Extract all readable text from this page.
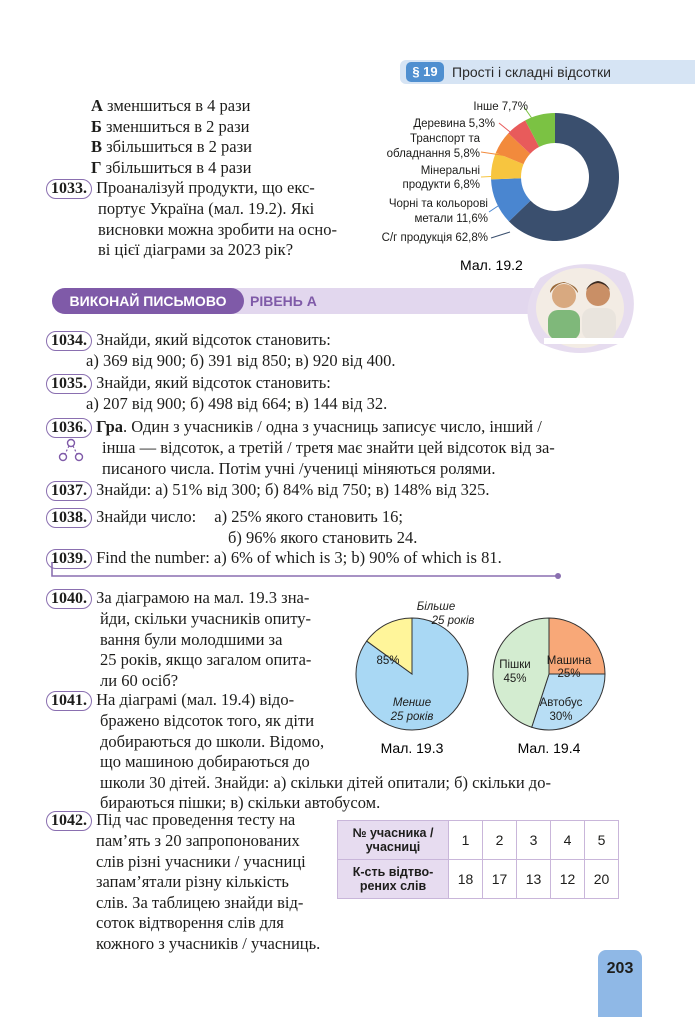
§ 19	Прості і складні відсотки
А зменшиться в 4 рази
Б зменшиться в 2 рази
В збільшиться в 2 рази
Г збільшиться в 4 рази
1033. Проаналізуй продукти, що екс-
портує Україна (мал. 19.2). Які
висновки можна зробити на осно-
ві цієї діаграми за 2023 рік?
Інше 7,7%
Деревина 5,3%
Транспорт та
обладнання 5,8%
Мінеральні
продукти 6,8%
Чорні та кольорові
метали 11,6%
С/г продукція 62,8%
Мал. 19.2
ВИКОНАЙ ПИСЬМОВО	РІВЕНЬ А
1034. Знайди, який відсоток становить:
а) 369 від 900; б) 391 від 850; в) 920 від 400.
1035. Знайди, який відсоток становить:
а) 207 від 900; б) 498 від 664; в) 144 від 32.
1036. Гра. Один з учасників / одна з учасниць записує число, інший /
інша — відсоток, а третій / третя має знайти цей відсоток від за-
писаного числа. Потім учні /учениці міняються ролями.
1037. Знайди: а) 51% від 300; б) 84% від 750; в) 148% від 325.
1038. Знайди число: а) 25% якого становить 16;
б) 96% якого становить 24.
1039. Find the number: a) 6% of which is 3; b) 90% of which is 81.
1040. За діаграмою на мал. 19.3 зна-
йди, скільки учасників опиту-
вання були молодшими за
25 років, якщо загалом опита-
ли 60 осіб?
1041. На діаграмі (мал. 19.4) відо-
бражено відсоток того, як діти
добираються до школи. Відомо,
що машиною добираються до
школи 30 дітей. Знайди: а) скільки дітей опитали; б) скільки до-
бираються пішки; в) скільки автобусом.
Більше
25 років
85%
Менше
25 років
Мал. 19.3
Машина
25%
Пішки
45%
Автобус
30%
Мал. 19.4
1042. Під час проведення тесту на
пам’ять з 20 запропонованих
слів різні учасники / учасниці
запам’ятали різну кількість
слів. За таблицею знайди від-
соток відтворення слів для
кожного з учасників / учасниць.
№ учасника / учасниці	1	2	3	4	5
К-сть відтво- рених слів	18	17	13	12	20
203
